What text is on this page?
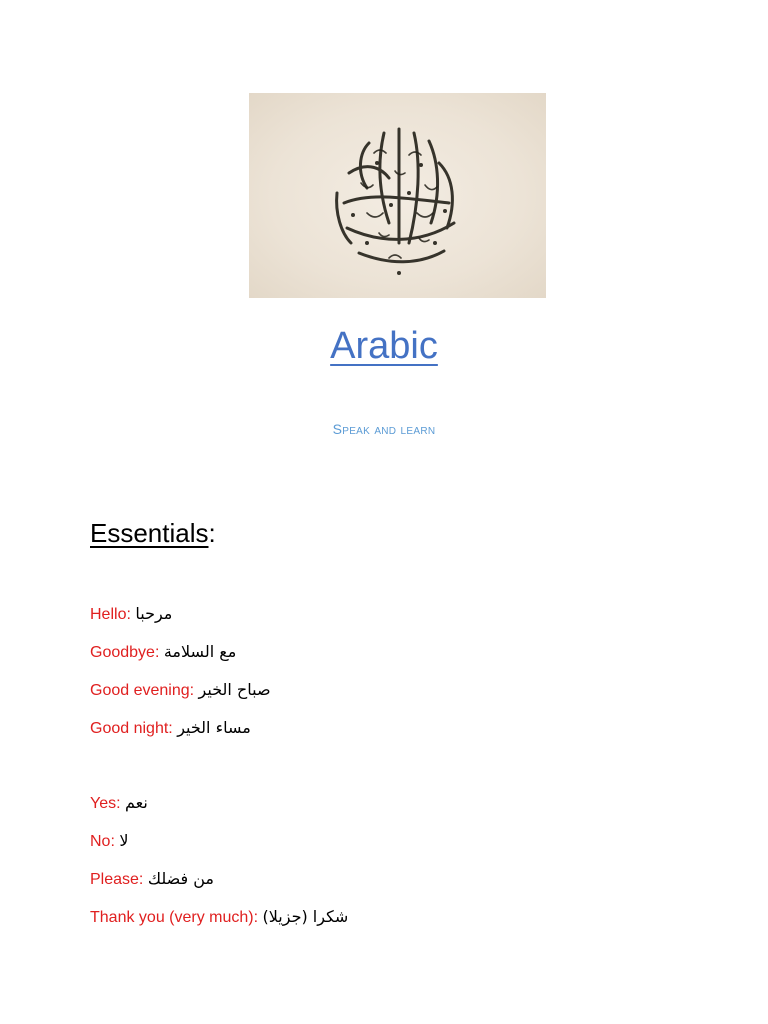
Arabic
Speak and learn
Essentials:
Hello: مرحبا
Goodbye: مع السلامة
Good evening: صباح الخير
Good night: مساء الخير
Yes: نعم
No: لا
Please: من فضلك
Thank you (very much): شكرا (جزيلا)
